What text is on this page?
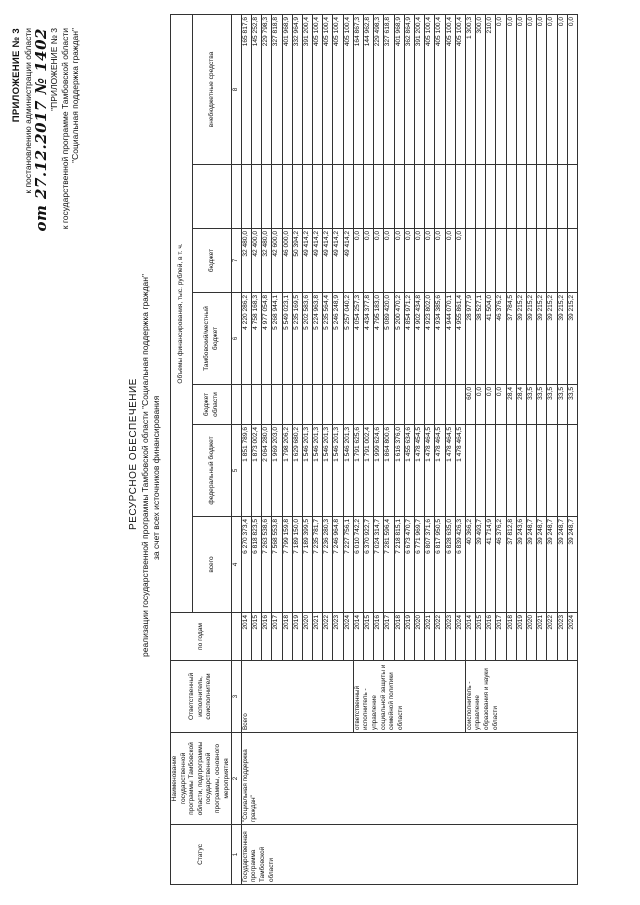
ПРИЛОЖЕНИЕ № 3 к постановлению администрации области от 27.12.2017 № 1402 "ПРИЛОЖЕНИЕ № 3 к государственной программе Тамбовской области "Социальная поддержка граждан"
РЕСУРСНОЕ ОБЕСПЕЧЕНИЕ реализации государственной программы Тамбовской области "Социальная поддержка граждан" за счет всех источников финансирования
Статус	Наименование государственной программы Тамбовской области, подпрограммы государственной программы, основного мероприятия	Ответственный исполнитель, соисполнители	по годам	Объемы финансирования, тыс. рублей, в т. ч.						
				всего	федеральный бюджет	бюджет области	Тамбовский/местный бюджет	бюджет		внебюджетные средства
1	2	3		4	5		6	7		8
Государственная программа Тамбовской области	"Социальная поддержка граждан"	Всего	2014	6 270 373,4	1 851 789,6		4 220 286,2	32 480,0		165 817,6
			2015	6 818 823,5	1 873 002,4		4 758 168,3	42 400,0		145 252,8
			2016	7 263 538,6	2 064 280,0		4 977 054,8	32 480,0		229 798,3
			2017	7 568 553,8	1 969 203,0		5 268 944,1	42 600,0		327 818,8
			2018	7 799 159,8	1 798 206,2		5 549 023,1	46 000,0		401 968,9
			2019	7 189 150,0	1 629 680,2		5 235 169,5	50 394,2		332 964,9
			2020	7 189 399,5	1 546 201,3		5 202 583,6	49 414,2		391 200,4
			2021	7 235 781,7	1 546 201,3		5 224 963,8	49 414,2		405 100,4
			2022	7 236 280,3	1 546 201,3		5 235 564,4	49 414,2		405 100,4
			2023	7 246 964,8	1 546 201,3		5 246 248,9	49 414,2		405 100,4
			2024	7 227 756,1	1 546 201,3		5 257 040,2	49 414,2		405 100,4
		ответственный исполнитель - управление социальной защиты и семейной политики области	2014	6 010 742,2	1 791 625,6		4 054 257,3	0,0		164 867,3
			2015	6 370 922,7	1 791 002,4		4 434 377,8	0,0		144 962,8
			2016	7 024 314,7	1 999 624,6		4 795 183,0	0,0		229 498,3
			2017	7 281 596,4	1 864 800,6		5 089 420,0	0,0		327 618,8
			2018	7 218 815,1	1 616 376,0		5 200 470,2	0,0		401 968,9
			2019	6 673 470,7	1 455 634,6		4 854 971,2	0,0		362 864,9
			2020	6 771 969,7	1 478 454,5		4 902 434,8	0,0		391 200,4
			2021	6 807 371,6	1 478 464,5		4 923 802,0	0,0		405 100,4
			2022	6 817 950,5	1 478 464,5		4 934 385,6	0,0		405 100,4
			2023	6 828 635,0	1 478 464,5		4 944 070,1	0,0		405 100,4
			2024	6 839 426,3	1 478 464,5		4 955 861,4	0,0		405 100,4
		соисполнитель - управление образования и науки области	2014	40 366,2		60,0	28 977,9			1 300,3
			2015	39 493,7		0,0	38 527,1			300,0
			2016	41 714,9		0,0	41 504,0			210,0
			2017	46 376,2		0,0	46 376,2			0,0
			2018	37 812,8		28,4	37 784,5			0,0
			2019	39 243,6		28,4	39 215,2			0,0
			2020	39 248,7		33,5	39 215,2			0,0
			2021	39 248,7		33,5	39 215,2			0,0
			2022	39 248,7		33,5	39 215,2			0,0
			2023	39 248,7		33,5	39 215,2			0,0
			2024	39 248,7		33,5	39 215,2			0,0
